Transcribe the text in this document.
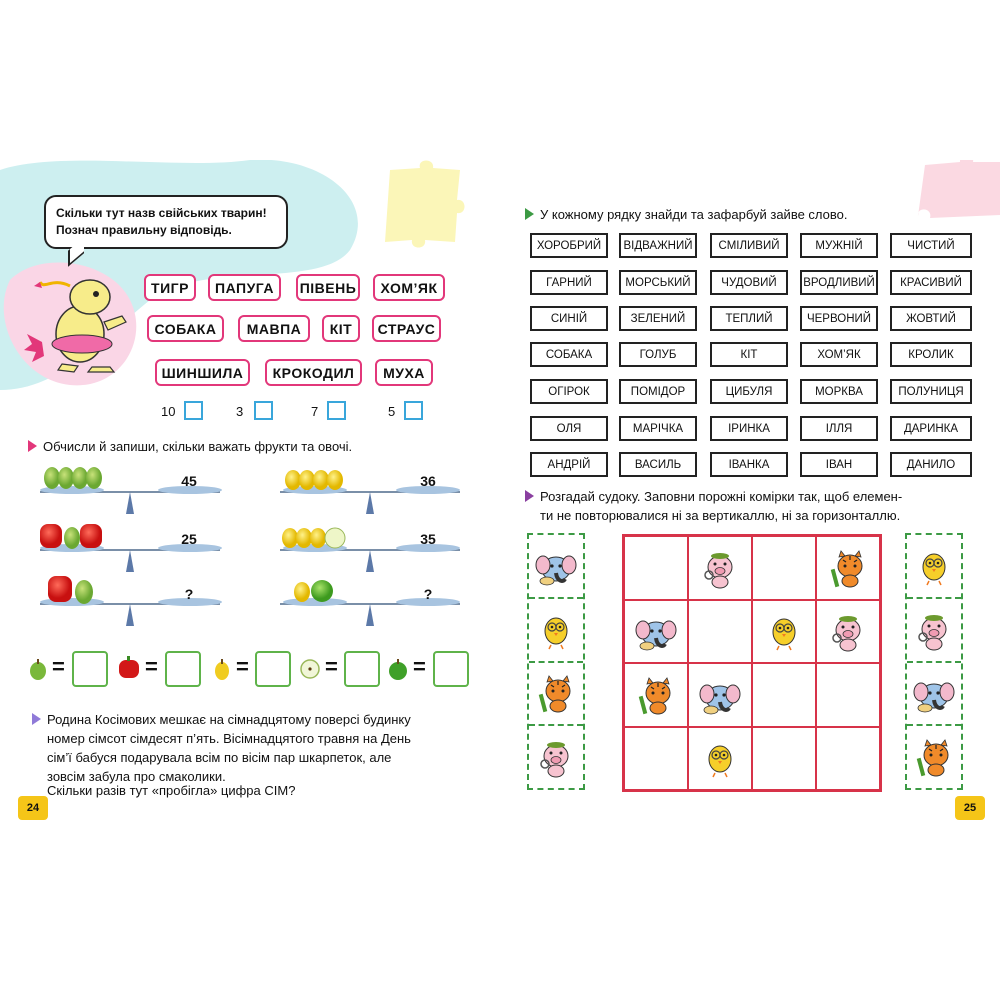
Скільки тут назв свійських тварин!
Познач правильну відповідь.
ТИГР	ПАПУГА	ПІВЕНЬ	ХОМ’ЯК
СОБАКА	МАВПА	КІТ	СТРАУС
ШИНШИЛА	КРОКОДИЛ	МУХА
10	3	7	5
Обчисли й запиши, скільки важать фрукти та овочі.
45	36
25	35
?	?
=	=	=	=	=
Родина Косімових мешкає на сімнадцятому поверсі будинку
номер сімсот сімдесят п’ять. Вісімнадцятого травня на День
сім’ї бабуся подарувала всім по вісім пар шкарпеток, але
зовсім забула про смаколики.
Скільки разів тут «пробігла» цифра СІМ?
24
У кожному рядку знайди та зафарбуй зайве слово.
ХОРОБРИЙ	ВІДВАЖНИЙ	СМІЛИВИЙ	МУЖНІЙ	ЧИСТИЙ
ГАРНИЙ	МОРСЬКИЙ	ЧУДОВИЙ	ВРОДЛИВИЙ	КРАСИВИЙ
СИНІЙ	ЗЕЛЕНИЙ	ТЕПЛИЙ	ЧЕРВОНИЙ	ЖОВТИЙ
СОБАКА	ГОЛУБ	КІТ	ХОМ’ЯК	КРОЛИК
ОГІРОК	ПОМІДОР	ЦИБУЛЯ	МОРКВА	ПОЛУНИЦЯ
ОЛЯ	МАРІЧКА	ІРИНКА	ІЛЛЯ	ДАРИНКА
АНДРІЙ	ВАСИЛЬ	ІВАНКА	ІВАН	ДАНИЛО
Розгадай судоку. Заповни порожні комірки так, щоб елемен-
ти не повторювалися ні за вертикаллю, ні за горизонталлю.
25
